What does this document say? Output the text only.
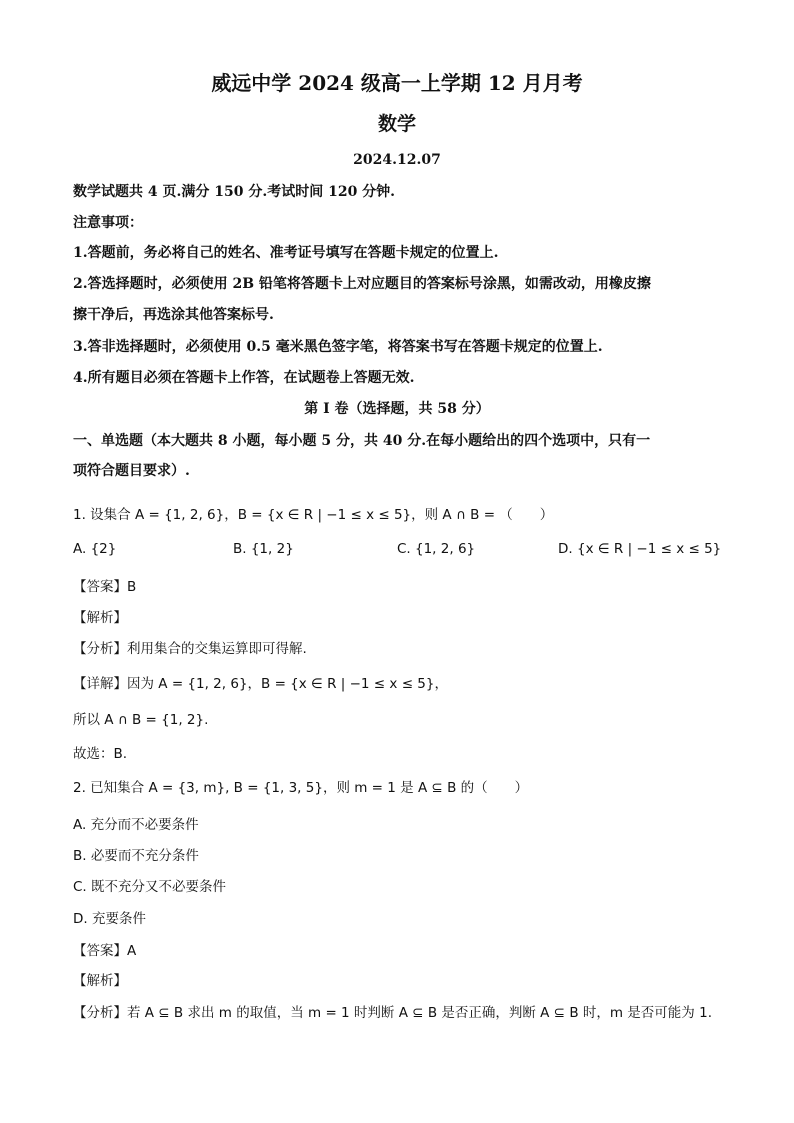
威远中学 2024 级高一上学期 12 月月考
数学
2024.12.07
数学试题共 4 页.满分 150 分.考试时间 120 分钟.
注意事项：
1.答题前，务必将自己的姓名、准考证号填写在答题卡规定的位置上.
2.答选择题时，必须使用 2B 铅笔将答题卡上对应题目的答案标号涂黑，如需改动，用橡皮擦
擦干净后，再选涂其他答案标号.
3.答非选择题时，必须使用 0.5 毫米黑色签字笔，将答案书写在答题卡规定的位置上.
4.所有题目必须在答题卡上作答，在试题卷上答题无效.
第 I 卷（选择题，共 58 分）
一、单选题（本大题共 8 小题，每小题 5 分，共 40 分.在每小题给出的四个选项中，只有一
项符合题目要求）.
1. 设集合 A = {1, 2, 6}，B = {x ∈ R | −1 ≤ x ≤ 5}，则 A ∩ B = （　　）
A. {2}	B. {1, 2}	C. {1, 2, 6}	D. {x ∈ R | −1 ≤ x ≤ 5}
【答案】B
【解析】
【分析】利用集合的交集运算即可得解.
【详解】因为 A = {1, 2, 6}，B = {x ∈ R | −1 ≤ x ≤ 5}，
所以 A ∩ B = {1, 2}.
故选：B.
2. 已知集合 A = {3, m}, B = {1, 3, 5}，则 m = 1 是 A ⊆ B 的（　　）
A. 充分而不必要条件
B. 必要而不充分条件
C. 既不充分又不必要条件
D. 充要条件
【答案】A
【解析】
【分析】若 A ⊆ B 求出 m 的取值，当 m = 1 时判断 A ⊆ B 是否正确，判断 A ⊆ B 时，m 是否可能为 1.
